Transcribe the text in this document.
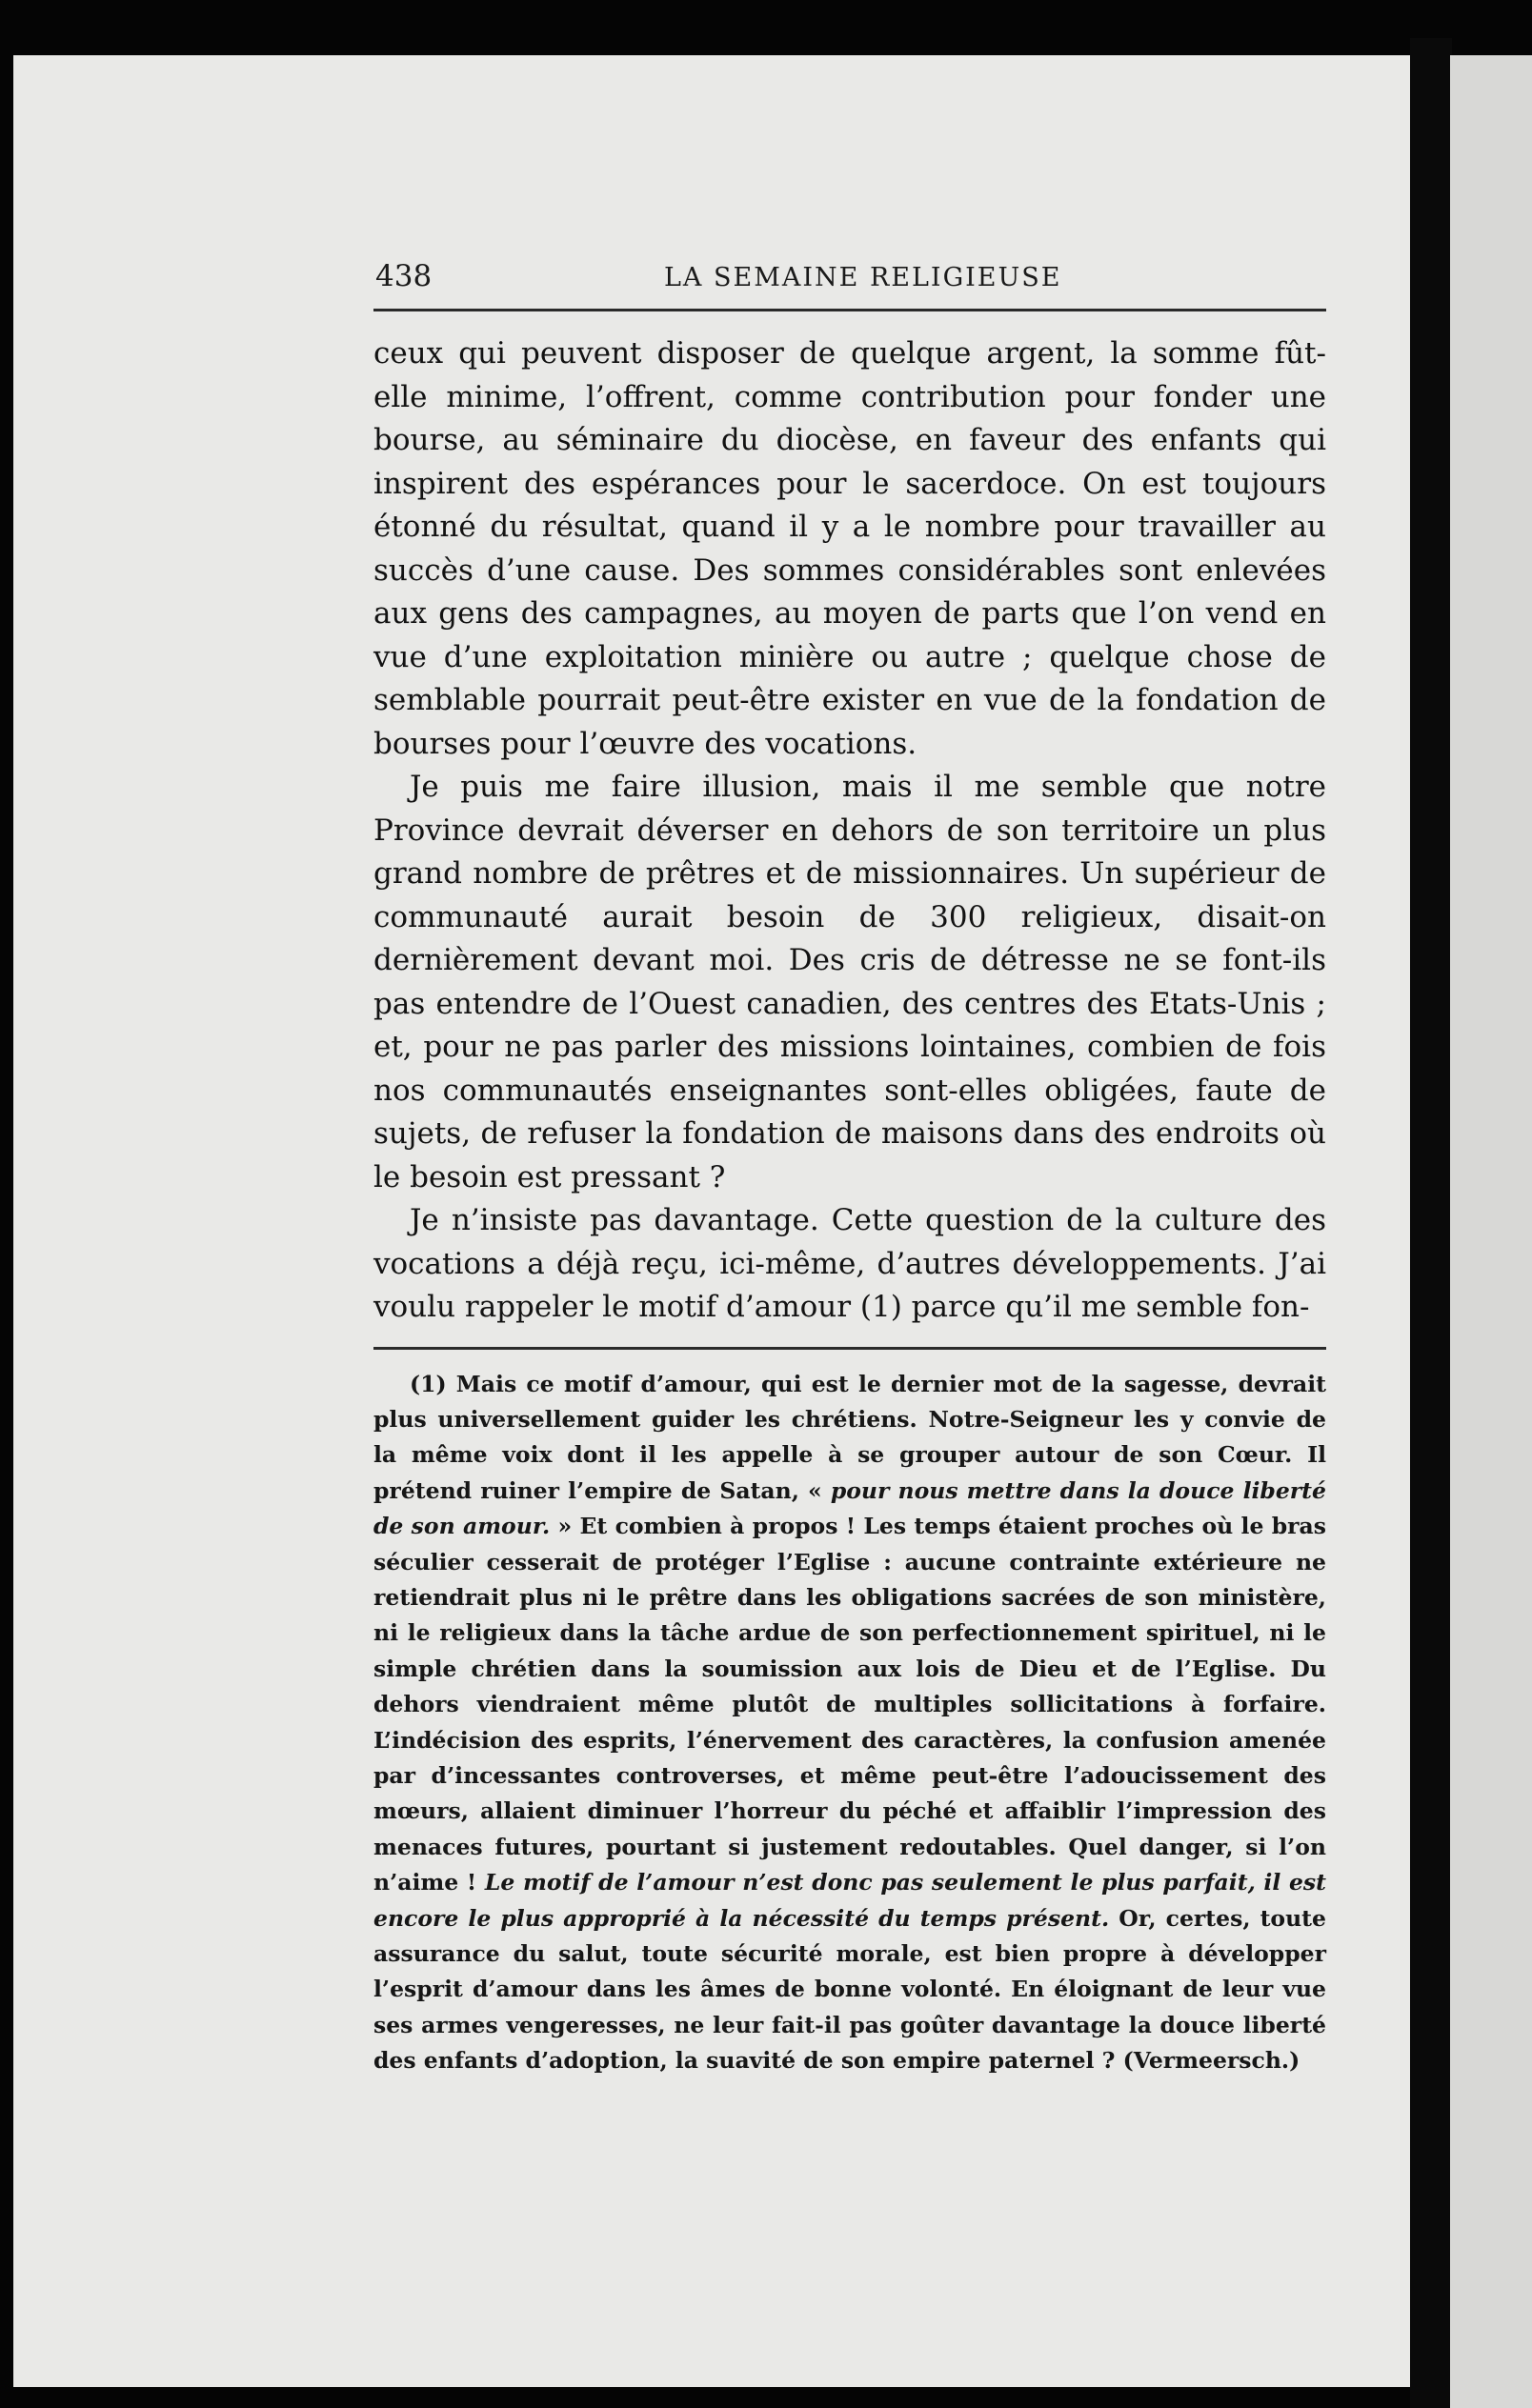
438	LA SEMAINE RELIGIEUSE

ceux qui peuvent disposer de quelque argent, la somme fût-elle minime, l’offrent, comme contribution pour fonder une bourse, au séminaire du diocèse, en faveur des enfants qui inspirent des espérances pour le sacerdoce. On est toujours étonné du résultat, quand il y a le nombre pour travailler au succès d’une cause. Des sommes considérables sont enlevées aux gens des campagnes, au moyen de parts que l’on vend en vue d’une exploitation minière ou autre ; quelque chose de semblable pourrait peut-être exister en vue de la fondation de bourses pour l’œuvre des vocations.

Je puis me faire illusion, mais il me semble que notre Province devrait déverser en dehors de son territoire un plus grand nombre de prêtres et de missionnaires. Un supérieur de communauté aurait besoin de 300 religieux, disait-on dernièrement devant moi. Des cris de détresse ne se font-ils pas entendre de l’Ouest canadien, des centres des Etats-Unis ; et, pour ne pas parler des missions lointaines, combien de fois nos communautés enseignantes sont-elles obligées, faute de sujets, de refuser la fondation de maisons dans des endroits où le besoin est pressant ?

Je n’insiste pas davantage. Cette question de la culture des vocations a déjà reçu, ici-même, d’autres développements. J’ai voulu rappeler le motif d’amour (1) parce qu’il me semble fon-

(1) Mais ce motif d’amour, qui est le dernier mot de la sagesse, devrait plus universellement guider les chrétiens. Notre-Seigneur les y convie de la même voix dont il les appelle à se grouper autour de son Cœur. Il prétend ruiner l’empire de Satan, « pour nous mettre dans la douce liberté de son amour. » Et combien à propos ! Les temps étaient proches où le bras séculier cesserait de protéger l’Eglise : aucune contrainte extérieure ne retiendrait plus ni le prêtre dans les obligations sacrées de son ministère, ni le religieux dans la tâche ardue de son perfectionnement spirituel, ni le simple chrétien dans la soumission aux lois de Dieu et de l’Eglise. Du dehors viendraient même plutôt de multiples sollicitations à forfaire. L’indécision des esprits, l’énervement des caractères, la confusion amenée par d’incessantes controverses, et même peut-être l’adoucissement des mœurs, allaient diminuer l’horreur du péché et affaiblir l’impression des menaces futures, pourtant si justement redoutables. Quel danger, si l’on n’aime ! Le motif de l’amour n’est donc pas seulement le plus parfait, il est encore le plus approprié à la nécessité du temps présent. Or, certes, toute assurance du salut, toute sécurité morale, est bien propre à développer l’esprit d’amour dans les âmes de bonne volonté. En éloignant de leur vue ses armes vengeresses, ne leur fait-il pas goûter davantage la douce liberté des enfants d’adoption, la suavité de son empire paternel ? (Vermeersch.)
